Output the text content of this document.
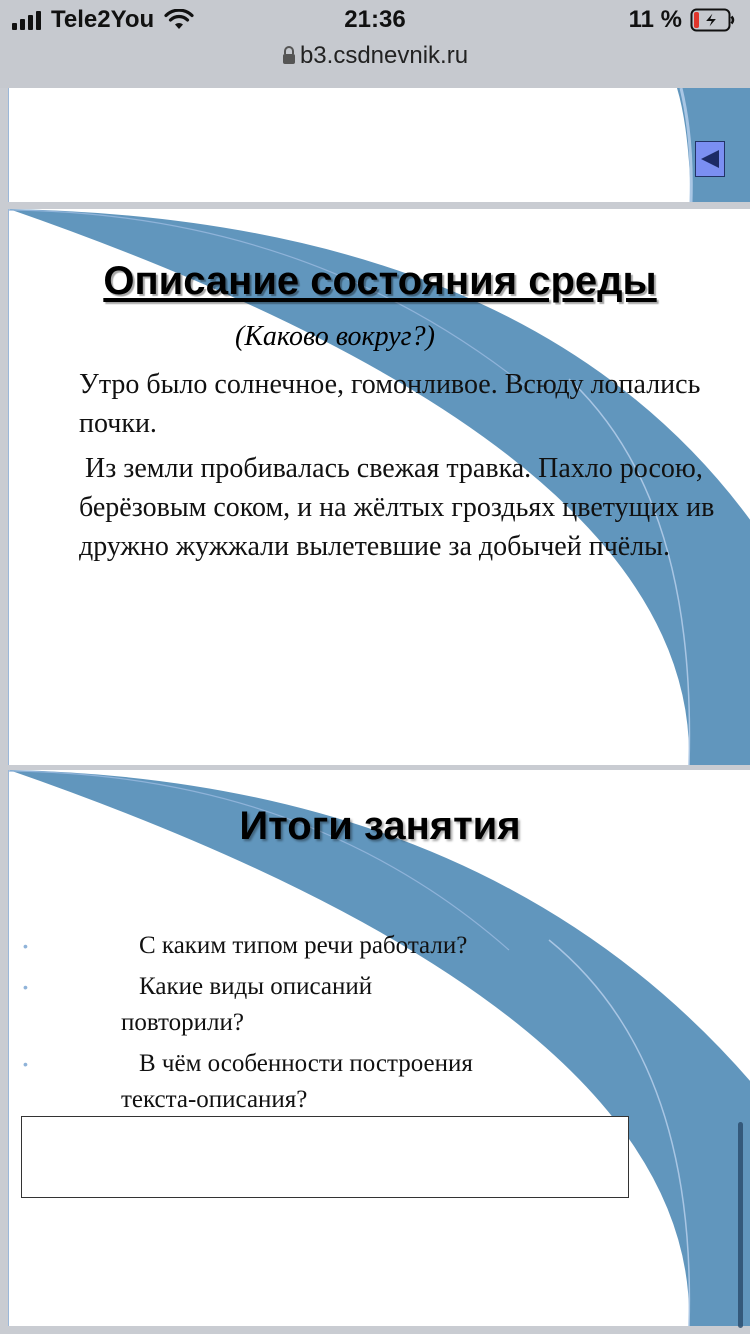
Tele2You	21:36	11 %
b3.csdnevnik.ru
Описание состояния среды
(Каково вокруг?)
Утро было солнечное, гомонливое. Всюду лопались почки.
Из земли пробивалась свежая травка. Пахло росою, берёзовым соком, и на жёлтых гроздьях цветущих ив дружно жужжали вылетевшие за добычей пчёлы.
Итоги занятия
•	С каким типом речи работали?
•	Какие виды описаний повторили?
•	В чём особенности построения текста-описания?
